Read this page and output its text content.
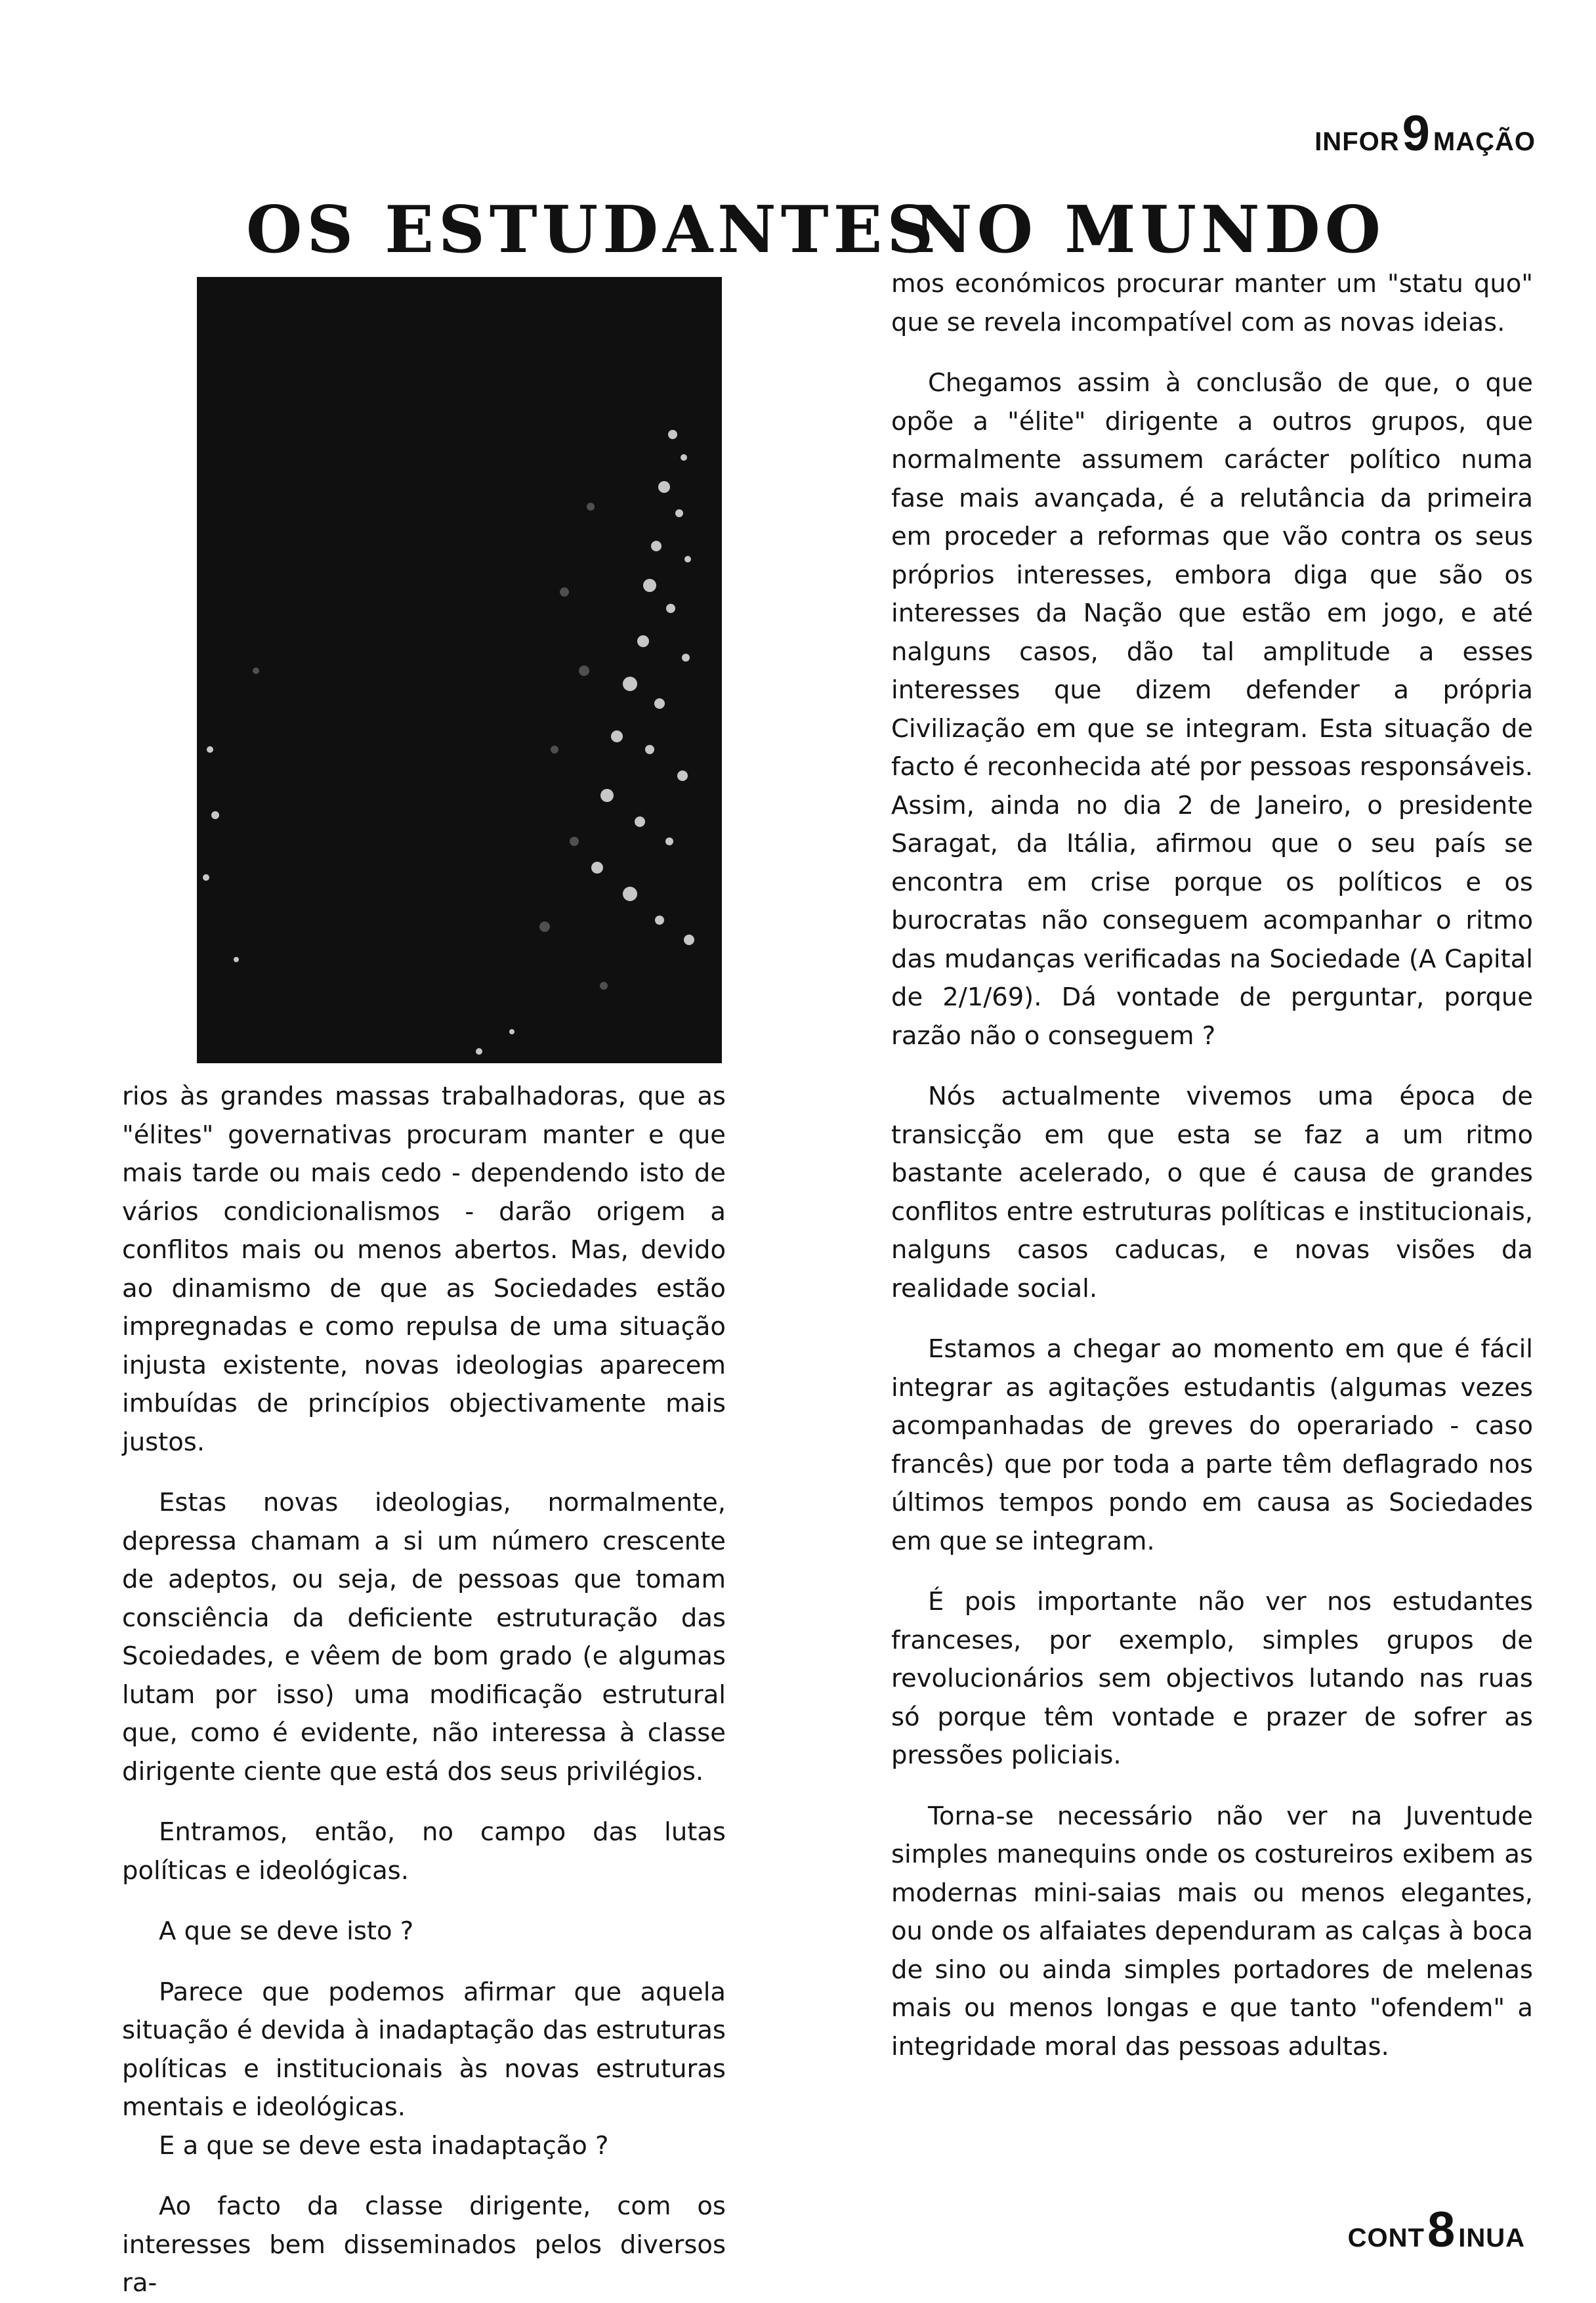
INFOR 9 MAÇÃO
OS ESTUDANTES
NO MUNDO

rios às grandes massas trabalhadoras, que as "élites" governativas procuram manter e que mais tarde ou mais cedo - dependendo isto de vários condicionalismos - darão origem a conflitos mais ou menos abertos. Mas, devido ao dinamismo de que as Sociedades estão impregnadas e como repulsa de uma situação injusta existente, novas ideologias aparecem imbuídas de princípios objectivamente mais justos.

Estas novas ideologias, normalmente, depressa chamam a si um número crescente de adeptos, ou seja, de pessoas que tomam consciência da deficiente estruturação das Scoiedades, e vêem de bom grado (e algumas lutam por isso) uma modificação estrutural que, como é evidente, não interessa à classe dirigente ciente que está dos seus privilégios.

Entramos, então, no campo das lutas políticas e ideológicas.

A que se deve isto ?

Parece que podemos afirmar que aquela situação é devida à inadaptação das estruturas políticas e institucionais às novas estruturas mentais e ideológicas.

E a que se deve esta inadaptação ?

Ao facto da classe dirigente, com os interesses bem disseminados pelos diversos ra-

mos económicos procurar manter um "statu quo" que se revela incompatível com as novas ideias.

Chegamos assim à conclusão de que, o que opõe a "élite" dirigente a outros grupos, que normalmente assumem carácter político numa fase mais avançada, é a relutância da primeira em proceder a reformas que vão contra os seus próprios interesses, embora diga que são os interesses da Nação que estão em jogo, e até nalguns casos, dão tal amplitude a esses interesses que dizem defender a própria Civilização em que se integram. Esta situação de facto é reconhecida até por pessoas responsáveis. Assim, ainda no dia 2 de Janeiro, o presidente Saragat, da Itália, afirmou que o seu país se encontra em crise porque os políticos e os burocratas não conseguem acompanhar o ritmo das mudanças verificadas na Sociedade (A Capital de 2/1/69). Dá vontade de perguntar, porque razão não o conseguem ?

Nós actualmente vivemos uma época de transicção em que esta se faz a um ritmo bastante acelerado, o que é causa de grandes conflitos entre estruturas políticas e institucionais, nalguns casos caducas, e novas visões da realidade social.

Estamos a chegar ao momento em que é fácil integrar as agitações estudantis (algumas vezes acompanhadas de greves do operariado - caso francês) que por toda a parte têm deflagrado nos últimos tempos pondo em causa as Sociedades em que se integram.

É pois importante não ver nos estudantes franceses, por exemplo, simples grupos de revolucionários sem objectivos lutando nas ruas só porque têm vontade e prazer de sofrer as pressões policiais.

Torna-se necessário não ver na Juventude simples manequins onde os costureiros exibem as modernas mini-saias mais ou menos elegantes, ou onde os alfaiates dependuram as calças à boca de sino ou ainda simples portadores de melenas mais ou menos longas e que tanto "ofendem" a integridade moral das pessoas adultas.

CONT 8 INUA
